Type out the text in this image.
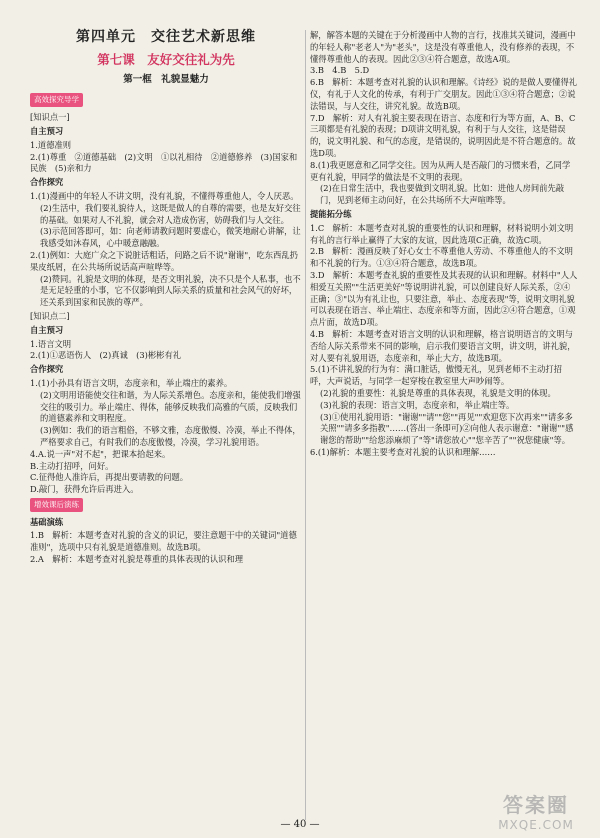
第四单元　交往艺术新思维
第七课　友好交往礼为先
第一框　礼貌显魅力
高效探究导学
[知识点一]
自主预习
1.道德准则
2.(1)尊重　②道德基础　(2)文明　①以礼相待　②道德修养　(3)国家和民族　(5)亲和力
合作探究
1.(1)漫画中的年轻人不讲文明，没有礼貌，不懂得尊重他人，令人厌恶。
(2)生活中，我们要礼貌待人，这既是做人的自尊的需要，也是友好交往的基础。如果对人不礼貌，就会对人造成伤害，妨碍我们与人交往。
(3)示范回答即可，如：向老师请教问题时要虚心，微笑地耐心讲解，让我感受如沐春风，心中暖意融融。
2.(1)例如：大庭广众之下说脏话粗话，问路之后不说"谢谢"，吃东西乱扔果皮纸屑，在公共场所说话高声喧哗等。
(2)赞同。礼貌是文明的体现，是否文明礼貌，决不只是个人私事，也不是无足轻重的小事，它不仅影响到人际关系的质量和社会风气的好坏，还关系到国家和民族的尊严。
[知识点二]
自主预习
1.语言文明
2.(1)①恶语伤人　(2)真诚　(3)彬彬有礼
合作探究
1.(1)小孙具有语言文明，态度亲和，举止端庄的素养。
(2)文明用语能使交往和谐，为人际关系增色。态度亲和，能使我们增强交往的吸引力。举止端庄、得体，能够反映我们高雅的气质，反映我们的道德素养和文明程度。
(3)例如：我们的语言粗俗，不够文雅，态度傲慢、冷漠，举止不得体，严格要求自己，有时我们的态度傲慢，冷漠，学习礼貌用语。
4.A.说一声"对不起"，把课本拾起来。
B.主动打招呼，问好。
C.征得他人准许后，再提出要请教的问题。
D.敲门，获得允许后再进入。
增效课后演练
基础演练
1.B　解析：本题考查对礼貌的含义的识记，要注意题干中的关键词"道德准则"，选项中只有礼貌是道德准则。故选B项。
2.A　解析：本题考查对礼貌是尊重的具体表现的认识和理
解，解答本题的关键在于分析漫画中人物的言行，找准其关键词，漫画中的年轻人称"老老人"为"老头"，这是没有尊重他人，没有修养的表现，不懂得尊重他人的表现。因此②③④符合题意，故选A项。
3.B　4.B　5.D
6.B　解析：本题考查对礼貌的认识和理解。《诗经》说的是做人要懂得礼仪，有礼于人文化的传承，有利于广交朋友。因此①③④符合题意；②说法错误，与人交往，讲究礼貌。故选B项。
7.D　解析：对人有礼貌主要表现在语言、态度和行为等方面，A、B、C三项都是有礼貌的表现；D项讲文明礼貌，有利于与人交往，这是错误的，说文明礼貌、和气的态度，是错误的，说明因此是不符合题意的。故选D项。
8.(1)我更愿意和乙同学交往。因为从两人是否敲门的习惯来看，乙同学更有礼貌，甲同学的做法是不文明的表现。
(2)在日常生活中，我也要做到文明礼貌。比如：进他人房间前先敲门，见到老师主动问好，在公共场所不大声喧哗等。
提能拓分练
1.C　解析：本题考查对礼貌的重要性的认识和理解，材料说明小刘文明有礼的言行举止赢得了大家的友谊，因此选项C正确，故选C项。
2.B　解析：漫画反映了好心女士不尊重他人劳动、不尊重他人的不文明和不礼貌的行为。①③④符合题意，故选B项。
3.D　解析：本题考查礼貌的重要性及其表现的认识和理解。材料中"人人相爱互关照""生活更美好"等说明讲礼貌，可以创建良好人际关系，②④正确；③"以为有礼让也，只要注意，举止、态度表现"等，说明文明礼貌可以表现在语言、举止端庄、态度亲和等方面，因此②④符合题意，①观点片面，故选D项。
4.B　解析：本题考查对语言文明的认识和理解，格言说明语言的文明与否给人际关系带来不同的影响，启示我们要语言文明，讲文明，讲礼貌，对人要有礼貌用语，态度亲和，举止大方，故选B项。
5.(1)不讲礼貌的行为有：满口脏话，傲慢无礼，见到老师不主动打招呼，大声说话，与同学一起穿梭在教室里大声吵闹等。
(2)礼貌的重要性：礼貌是尊重的具体表现，礼貌是文明的体现。
(3)礼貌的表现：语言文明，态度亲和，举止端庄等。
(3)①使用礼貌用语："谢谢""请""您""再见""欢迎您下次再来""请多多关照""请多多指教"……(答出一条即可)②向他人表示谢意："谢谢""感谢您的帮助""给您添麻烦了"等"请您放心""您辛苦了""祝您健康"等。
6.(1)解析：本题主要考查对礼貌的认识和理解……
— 40 —
答案圈
MXQE.COM
